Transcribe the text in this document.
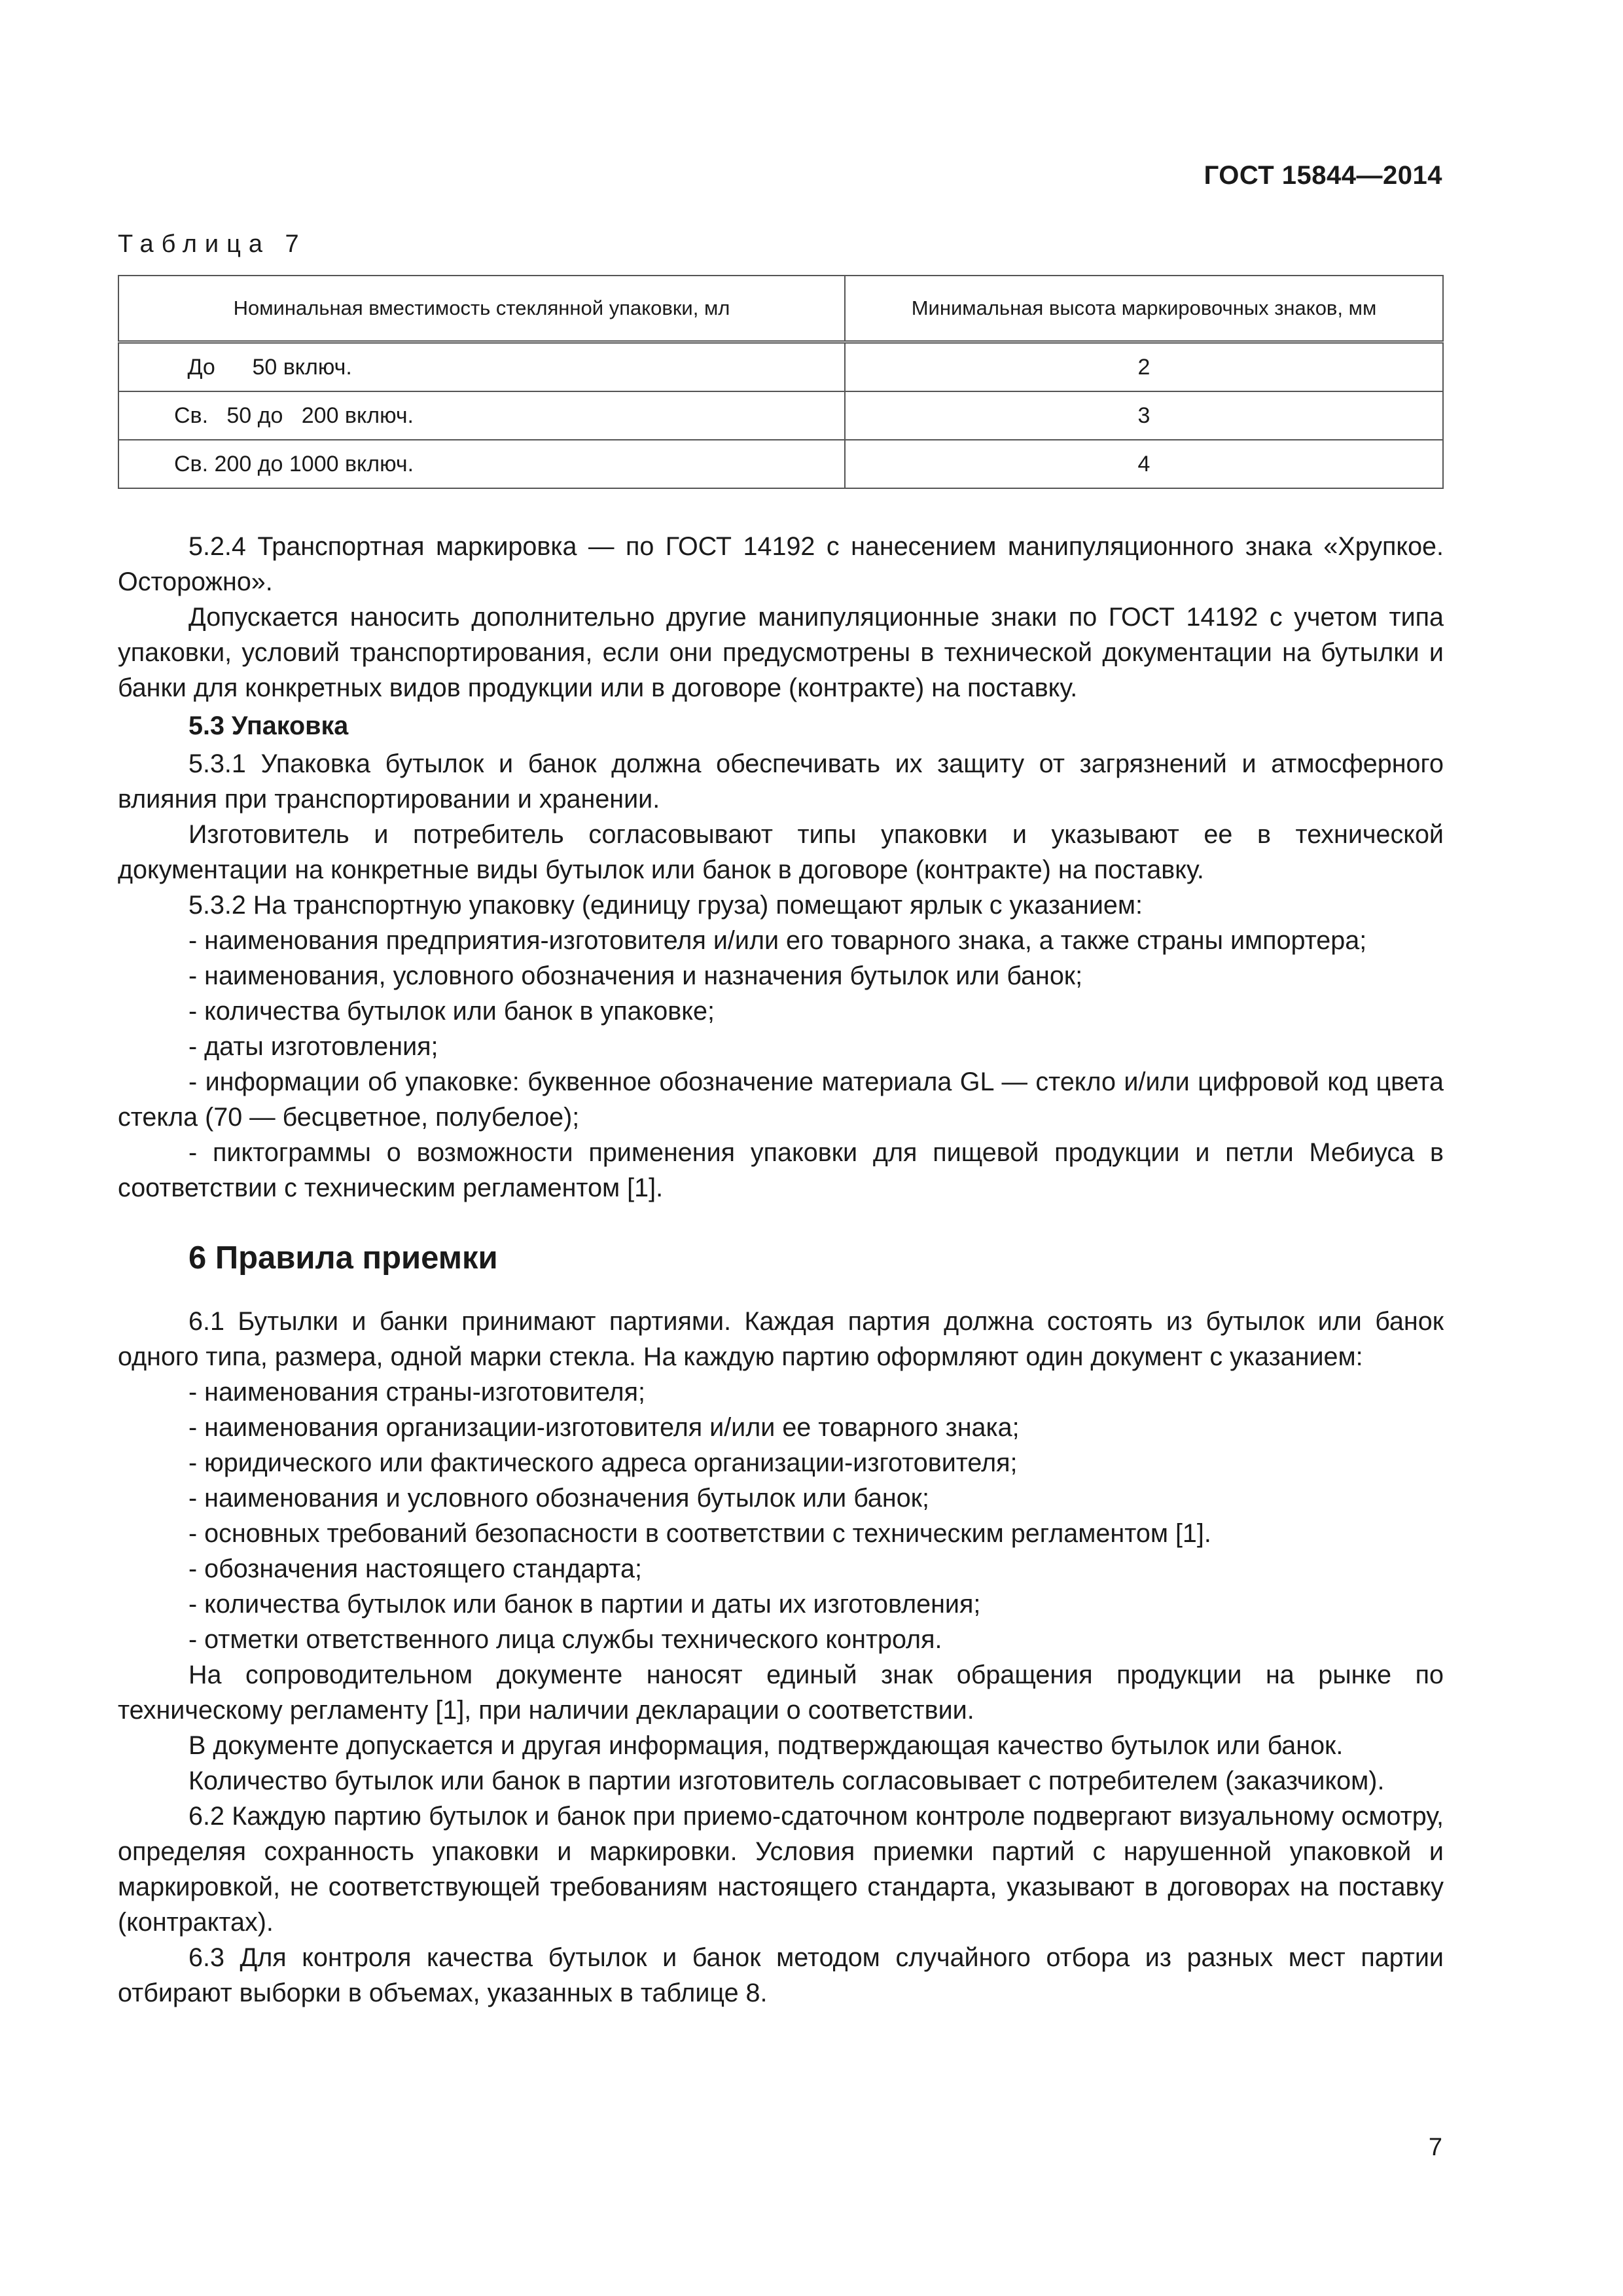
ГОСТ 15844—2014
Таблица 7
Номинальная вместимость стеклянной упаковки, мл	Минимальная высота маркировочных знаков, мм
До      50 включ.	2
Св.   50 до   200 включ.	3
Св. 200 до 1000 включ.	4

5.2.4 Транспортная маркировка — по ГОСТ 14192 с нанесением манипуляционного знака «Хрупкое. Осторожно».

Допускается наносить дополнительно другие манипуляционные знаки по ГОСТ 14192 с учетом типа упаковки, условий транспортирования, если они предусмотрены в технической документации на бутылки и банки для конкретных видов продукции или в договоре (контракте) на поставку.

5.3 Упаковка

5.3.1 Упаковка бутылок и банок должна обеспечивать их защиту от загрязнений и атмосферного влияния при транспортировании и хранении.

Изготовитель и потребитель согласовывают типы упаковки и указывают ее в технической документации на конкретные виды бутылок или банок в договоре (контракте) на поставку.

5.3.2 На транспортную упаковку (единицу груза) помещают ярлык с указанием:

- наименования предприятия-изготовителя и/или его товарного знака, а также страны импортера;

- наименования, условного обозначения и назначения бутылок или банок;

- количества бутылок или банок в упаковке;

- даты изготовления;

- информации об упаковке: буквенное обозначение материала GL — стекло и/или цифровой код цвета стекла (70 — бесцветное, полубелое);

- пиктограммы о возможности применения упаковки для пищевой продукции и петли Мебиуса в соответствии с техническим регламентом [1].

6 Правила приемки

6.1 Бутылки и банки принимают партиями. Каждая партия должна состоять из бутылок или банок одного типа, размера, одной марки стекла. На каждую партию оформляют один документ с указанием:

- наименования страны-изготовителя;

- наименования организации-изготовителя и/или ее товарного знака;

- юридического или фактического адреса организации-изготовителя;

- наименования и условного обозначения бутылок или банок;

- основных требований безопасности в соответствии с техническим регламентом [1].

- обозначения настоящего стандарта;

- количества бутылок или банок в партии и даты их изготовления;

- отметки ответственного лица службы технического контроля.

На сопроводительном документе наносят единый знак обращения продукции на рынке по техническому регламенту [1], при наличии декларации о соответствии.

В документе допускается и другая информация, подтверждающая качество бутылок или банок.

Количество бутылок или банок в партии изготовитель согласовывает с потребителем (заказчиком).

6.2 Каждую партию бутылок и банок при приемо-сдаточном контроле подвергают визуальному осмотру, определяя сохранность упаковки и маркировки. Условия приемки партий с нарушенной упаковкой и маркировкой, не соответствующей требованиям настоящего стандарта, указывают в договорах на поставку (контрактах).

6.3 Для контроля качества бутылок и банок методом случайного отбора из разных мест партии отбирают выборки в объемах, указанных в таблице 8.

7
